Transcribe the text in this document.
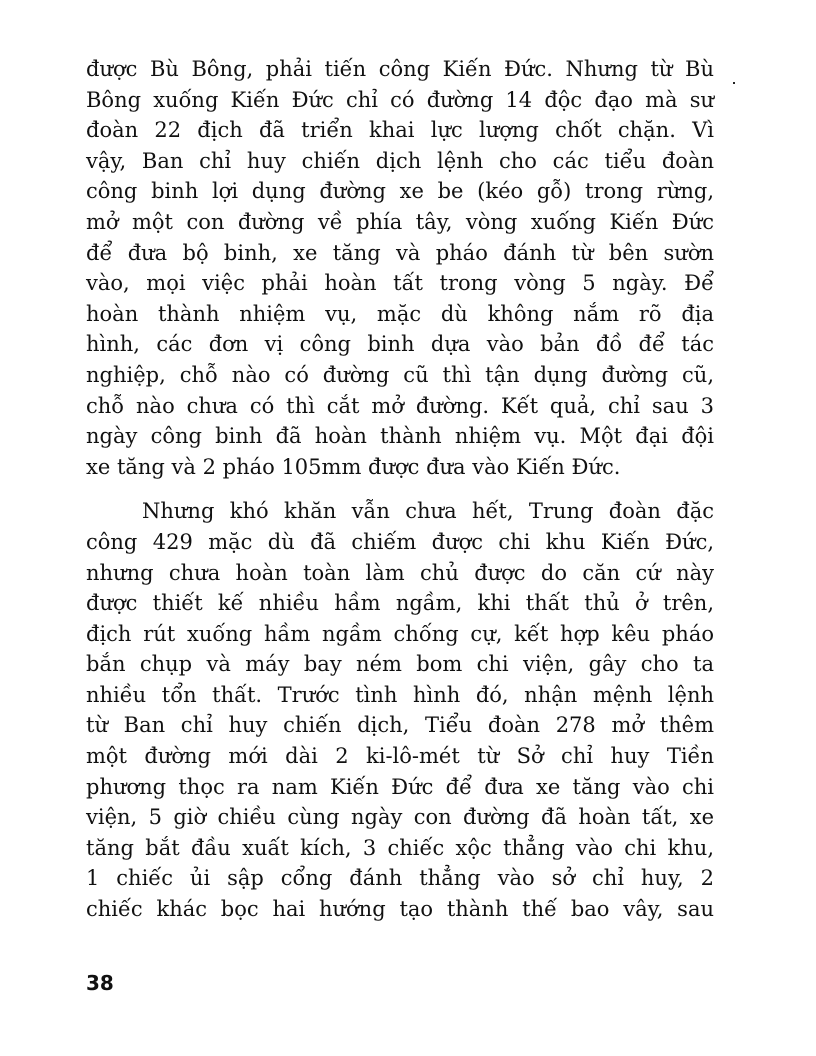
được Bù Bông, phải tiến công Kiến Đức. Nhưng từ Bù
Bông xuống Kiến Đức chỉ có đường 14 độc đạo mà sư
đoàn 22 địch đã triển khai lực lượng chốt chặn. Vì
vậy, Ban chỉ huy chiến dịch lệnh cho các tiểu đoàn
công binh lợi dụng đường xe be (kéo gỗ) trong rừng,
mở một con đường về phía tây, vòng xuống Kiến Đức
để đưa bộ binh, xe tăng và pháo đánh từ bên sườn
vào, mọi việc phải hoàn tất trong vòng 5 ngày. Để
hoàn thành nhiệm vụ, mặc dù không nắm rõ địa
hình, các đơn vị công binh dựa vào bản đồ để tác
nghiệp, chỗ nào có đường cũ thì tận dụng đường cũ,
chỗ nào chưa có thì cắt mở đường. Kết quả, chỉ sau 3
ngày công binh đã hoàn thành nhiệm vụ. Một đại đội
xe tăng và 2 pháo 105mm được đưa vào Kiến Đức.
Nhưng khó khăn vẫn chưa hết, Trung đoàn đặc
công 429 mặc dù đã chiếm được chi khu Kiến Đức,
nhưng chưa hoàn toàn làm chủ được do căn cứ này
được thiết kế nhiều hầm ngầm, khi thất thủ ở trên,
địch rút xuống hầm ngầm chống cự, kết hợp kêu pháo
bắn chụp và máy bay ném bom chi viện, gây cho ta
nhiều tổn thất. Trước tình hình đó, nhận mệnh lệnh
từ Ban chỉ huy chiến dịch, Tiểu đoàn 278 mở thêm
một đường mới dài 2 ki-lô-mét từ Sở chỉ huy Tiền
phương thọc ra nam Kiến Đức để đưa xe tăng vào chi
viện, 5 giờ chiều cùng ngày con đường đã hoàn tất, xe
tăng bắt đầu xuất kích, 3 chiếc xộc thẳng vào chi khu,
1 chiếc ủi sập cổng đánh thẳng vào sở chỉ huy, 2
chiếc khác bọc hai hướng tạo thành thế bao vây, sau
38
